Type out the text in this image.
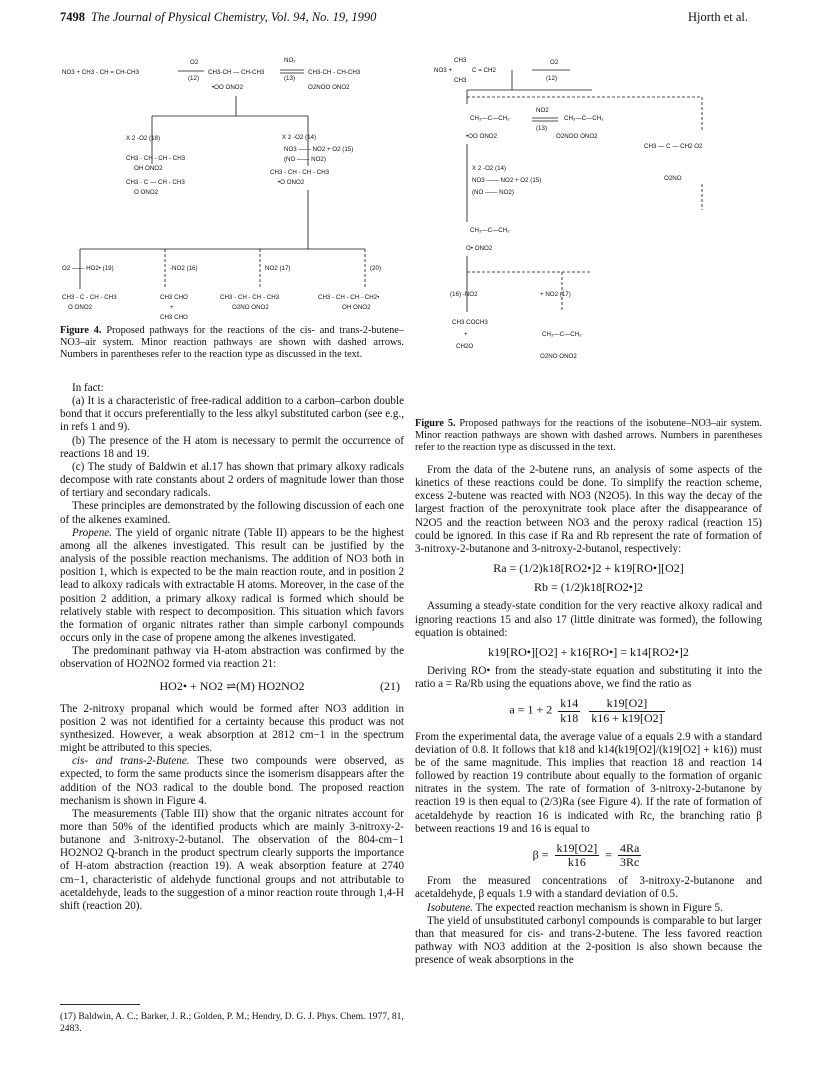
7498 The Journal of Physical Chemistry, Vol. 94, No. 19, 1990	Hjorth et al.
NO3 + CH3 - CH = CH-CH3
O2
(12)
CH3-CH — CH-CH3
•OO ONO2
(13)
NO₂
CH3-CH - CH-CH3
O2NOO ONO2
X 2 -O2 (18)	X 2 -O2 (14)
NO3 —— NO2 + O2 (15)
(NO —— NO2)
CH3 - CH - CH - CH3
OH ONO2
CH3 - C — CH - CH3
O ONO2
CH3 - CH - CH - CH3
•O ONO2
O2 —— HO2• (19)	-NO2 (16)	NO2 (17)	(20)
CH3 - C - CH - CH3
O ONO2
CH3 CHO
+
CH3 CHO
CH3 - CH - CH - CH3
O2NO ONO2
CH3 - CH - CH - CH2•
OH ONO2
Figure 4. Proposed pathways for the reactions of the cis- and trans-2-butene–NO3–air system. Minor reaction pathways are shown with dashed arrows. Numbers in parentheses refer to the reaction type as discussed in the text.

In fact:

(a) It is a characteristic of free-radical addition to a carbon–carbon double bond that it occurs preferentially to the less alkyl substituted carbon (see e.g., in refs 1 and 9).

(b) The presence of the H atom is necessary to permit the occurrence of reactions 18 and 19.

(c) The study of Baldwin et al.17 has shown that primary alkoxy radicals decompose with rate constants about 2 orders of magnitude lower than those of tertiary and secondary radicals.

These principles are demonstrated by the following discussion of each one of the alkenes examined.

Propene. The yield of organic nitrate (Table II) appears to be the highest among all the alkenes investigated. This result can be justified by the analysis of the possible reaction mechanisms. The addition of NO3 both in position 1, which is expected to be the main reaction route, and in position 2 lead to alkoxy radicals with extractable H atoms. Moreover, in the case of the position 2 addition, a primary alkoxy radical is formed which should be relatively stable with respect to decomposition. This situation which favors the formation of organic nitrates rather than simple carbonyl compounds occurs only in the case of propene among the alkenes investigated.

The predominant pathway via H-atom abstraction was confirmed by the observation of HO2NO2 formed via reaction 21:

HO2• + NO2 ⇌(M) HO2NO2	(21)

The 2-nitroxy propanal which would be formed after NO3 addition in position 2 was not identified for a certainty because this product was not synthesized. However, a weak absorption at 2812 cm−1 in the spectrum might be attributed to this species.

cis- and trans-2-Butene. These two compounds were observed, as expected, to form the same products since the isomerism disappears after the addition of the NO3 radical to the double bond. The proposed reaction mechanism is shown in Figure 4.

The measurements (Table III) show that the organic nitrates account for more than 50% of the identified products which are mainly 3-nitroxy-2-butanone and 3-nitroxy-2-butanol. The observation of the 804-cm−1 HO2NO2 Q-branch in the product spectrum clearly supports the importance of H-atom abstraction (reaction 19). A weak absorption feature at 2740 cm−1, characteristic of aldehyde functional groups and not attributable to acetaldehyde, leads to the suggestion of a minor reaction route through 1,4-H shift (reaction 20).

(17) Baldwin, A. C.; Barker, J. R.; Golden, P. M.; Hendry, D. G. J. Phys. Chem. 1977, 81, 2483.
NO3 +
CH3
CH3
C = CH2
O2
(12)
CH₃—C—CH₂
•OO ONO2
NO2
(13)
CH₃—C—CH₂
O2NOO ONO2
CH3 — C — CH2 O2
O2NO
X 2 -O2 (14)
NO3 —— NO2 + O2 (15)
(NO —— NO2)
CH₃—C—CH₂
O• ONO2
(16) -NO2	+ NO2 (17)
CH3 COCH3
+
CH2O
CH₃—C—CH₂
O2NO ONO2
Figure 5. Proposed pathways for the reactions of the isobutene–NO3–air system. Minor reaction pathways are shown with dashed arrows. Numbers in parentheses refer to the reaction type as discussed in the text.

From the data of the 2-butene runs, an analysis of some aspects of the kinetics of these reactions could be done. To simplify the reaction scheme, excess 2-butene was reacted with NO3 (N2O5). In this way the decay of the largest fraction of the peroxynitrate took place after the disappearance of N2O5 and the reaction between NO3 and the peroxy radical (reaction 15) could be ignored. In this case if Ra and Rb represent the rate of formation of 3-nitroxy-2-butanone and 3-nitroxy-2-butanol, respectively:

Ra = (1/2)k18[RO2•]2 + k19[RO•][O2]
Rb = (1/2)k18[RO2•]2

Assuming a steady-state condition for the very reactive alkoxy radical and ignoring reactions 15 and also 17 (little dinitrate was formed), the following equation is obtained:

k19[RO•][O2] + k16[RO•] = k14[RO2•]2

Deriving RO• from the steady-state equation and substituting it into the ratio a = Ra/Rb using the equations above, we find the ratio as

$a = 1 + 2 \frac{k14}{k18}$
$\frac{k19[O2]}{k16 + k19[O2]}$

From the experimental data, the average value of a equals 2.9 with a standard deviation of 0.8. It follows that k18 and k14(k19[O2]/(k19[O2] + k16)) must be of the same magnitude. This implies that reaction 18 and reaction 14 followed by reaction 19 contribute about equally to the formation of organic nitrates in the system. The rate of formation of 3-nitroxy-2-butanone by reaction 19 is then equal to (2/3)Ra (see Figure 4). If the rate of formation of acetaldehyde by reaction 16 is indicated with Rc, the branching ratio β between reactions 19 and 16 is equal to

$\beta = \frac{k19[O2]}{k16} = \frac{4Ra}{3Rc}$

From the measured concentrations of 3-nitroxy-2-butanone and acetaldehyde, β equals 1.9 with a standard deviation of 0.5.

Isobutene. The expected reaction mechanism is shown in Figure 5.

The yield of unsubstituted carbonyl compounds is comparable to but larger than that measured for cis- and trans-2-butene. The less favored reaction pathway with NO3 addition at the 2-position is also shown because the presence of weak absorptions in the
